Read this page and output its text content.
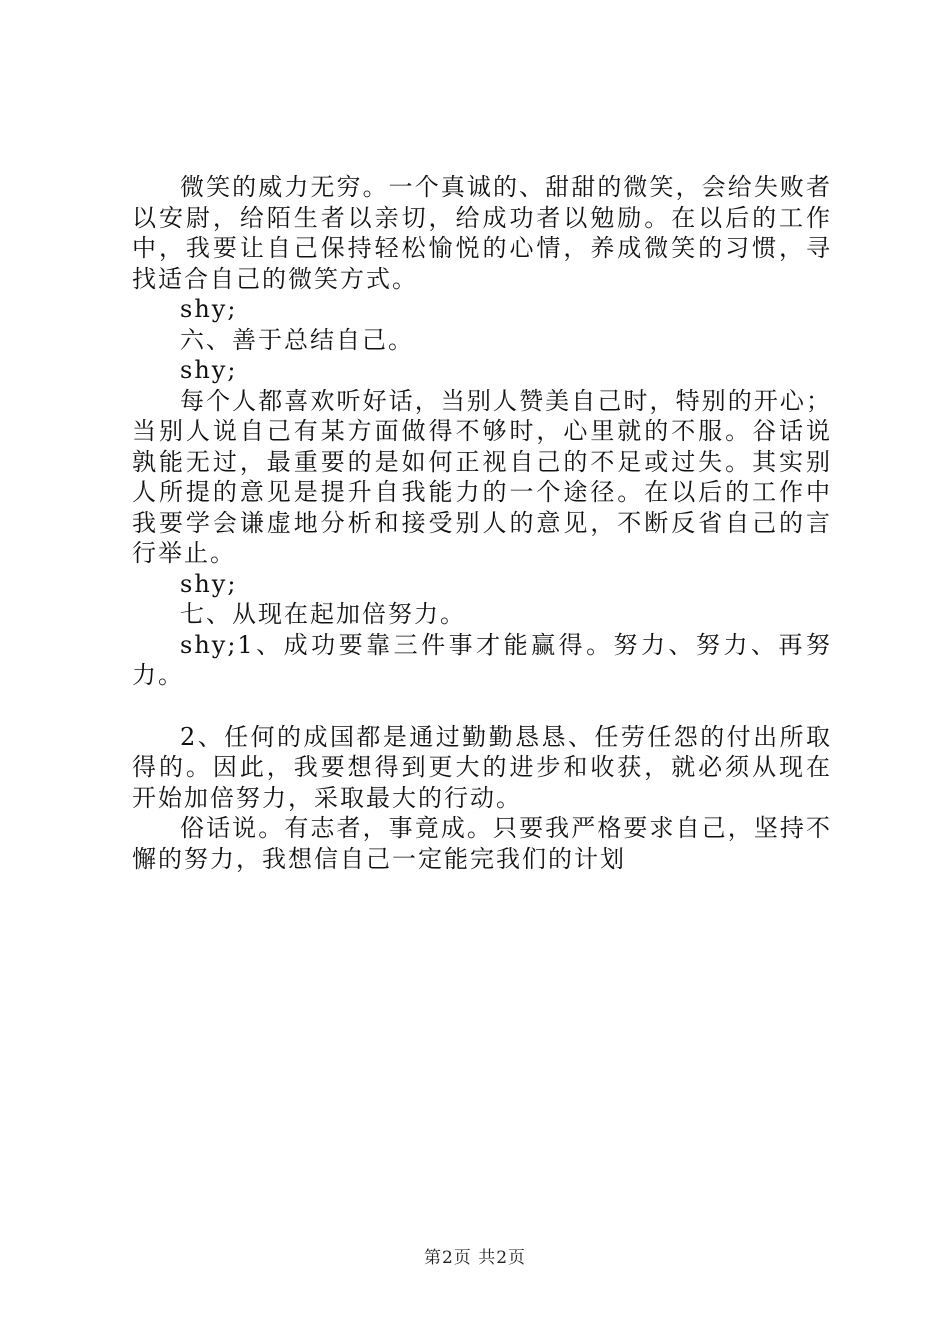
微笑的威力无穷。一个真诚的、甜甜的微笑，会给失败者以安尉，给陌生者以亲切，给成功者以勉励。在以后的工作中，我要让自己保持轻松愉悦的心情，养成微笑的习惯，寻找适合自己的微笑方式。

shy;

六、善于总结自己。

shy;

每个人都喜欢听好话，当别人赞美自己时，特别的开心；当别人说自己有某方面做得不够时，心里就的不服。谷话说孰能无过，最重要的是如何正视自己的不足或过失。其实别人所提的意见是提升自我能力的一个途径。在以后的工作中我要学会谦虚地分析和接受别人的意见，不断反省自己的言行举止。

shy;

七、从现在起加倍努力。

shy;1、成功要靠三件事才能赢得。努力、努力、再努力。

2、任何的成国都是通过勤勤恳恳、任劳任怨的付出所取得的。因此，我要想得到更大的进步和收获，就必须从现在开始加倍努力，采取最大的行动。

俗话说。有志者，事竟成。只要我严格要求自己，坚持不懈的努力，我想信自己一定能完我们的计划

第2页 共2页
